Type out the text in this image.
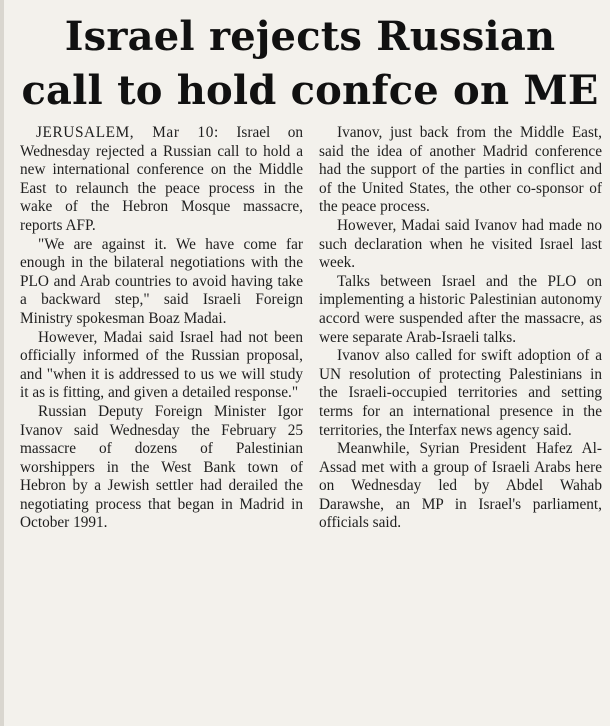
Israel rejects Russian
call to hold confce on ME

JERUSALEM, Mar 10: Israel on Wednesday rejected a Russian call to hold a new international conference on the Middle East to relaunch the peace process in the wake of the Hebron Mosque massacre, reports AFP.

"We are against it. We have come far enough in the bilateral negotiations with the PLO and Arab countries to avoid having take a backward step," said Israeli Foreign Ministry spokesman Boaz Madai.

However, Madai said Israel had not been officially informed of the Russian proposal, and "when it is addressed to us we will study it as is fitting, and given a detailed response."

Russian Deputy Foreign Minister Igor Ivanov said Wednesday the February 25 massacre of dozens of Palestinian worshippers in the West Bank town of Hebron by a Jewish settler had derailed the negotiating process that began in Madrid in October 1991.

Ivanov, just back from the Middle East, said the idea of another Madrid conference had the support of the parties in conflict and of the United States, the other co-sponsor of the peace process.

However, Madai said Ivanov had made no such declaration when he visited Israel last week.

Talks between Israel and the PLO on implementing a historic Palestinian autonomy accord were suspended after the massacre, as were separate Arab-Israeli talks.

Ivanov also called for swift adoption of a UN resolution of protecting Palestinians in the Israeli-occupied territories and setting terms for an international presence in the territories, the Interfax news agency said.

Meanwhile, Syrian President Hafez Al-Assad met with a group of Israeli Arabs here on Wednesday led by Abdel Wahab Darawshe, an MP in Israel's parliament, officials said.
